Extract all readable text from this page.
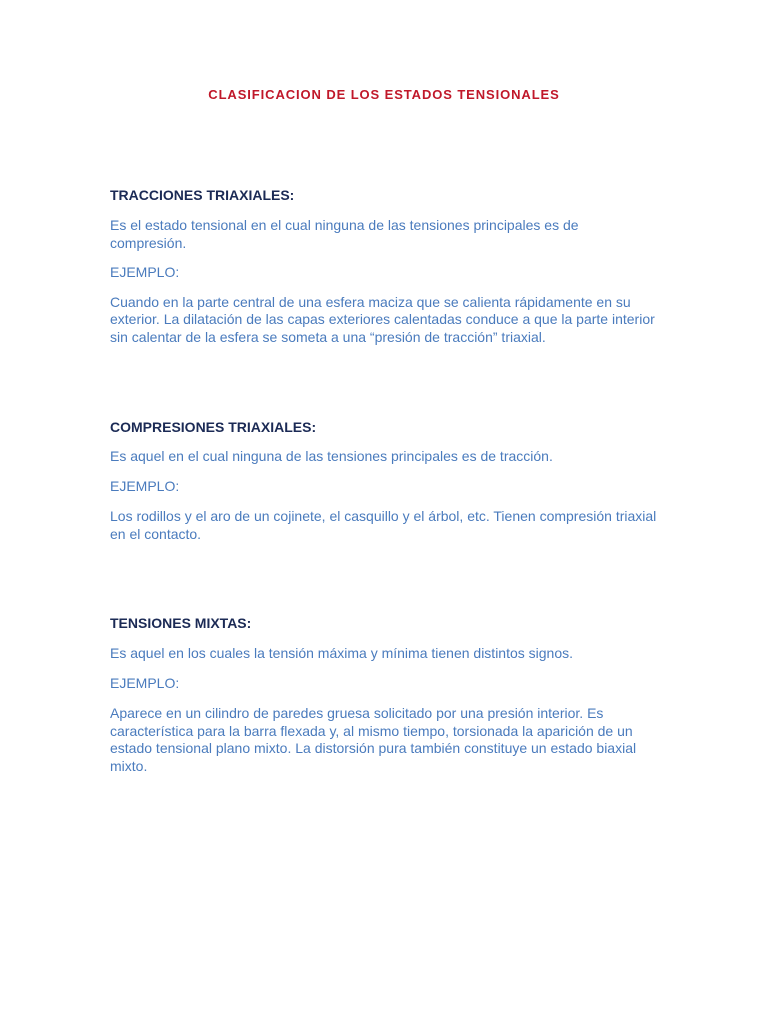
CLASIFICACION DE LOS ESTADOS TENSIONALES

TRACCIONES TRIAXIALES:

Es el estado tensional en el cual ninguna de las tensiones principales es de compresión.

EJEMPLO:

Cuando en la parte central de una esfera maciza que se calienta rápidamente en su exterior. La dilatación de las capas exteriores calentadas conduce a que la parte interior sin calentar de la esfera se someta a una “presión de tracción” triaxial.

COMPRESIONES TRIAXIALES:

Es aquel en el cual ninguna de las tensiones principales es de tracción.

EJEMPLO:

Los rodillos y el aro de un cojinete, el casquillo y el árbol, etc. Tienen compresión triaxial en el contacto.

TENSIONES MIXTAS:

Es aquel en los cuales la tensión máxima y mínima tienen distintos signos.

EJEMPLO:

Aparece en un cilindro de paredes gruesa solicitado por una presión interior. Es característica para la barra flexada y, al mismo tiempo, torsionada la aparición de un estado tensional plano mixto. La distorsión pura también constituye un estado biaxial mixto.
